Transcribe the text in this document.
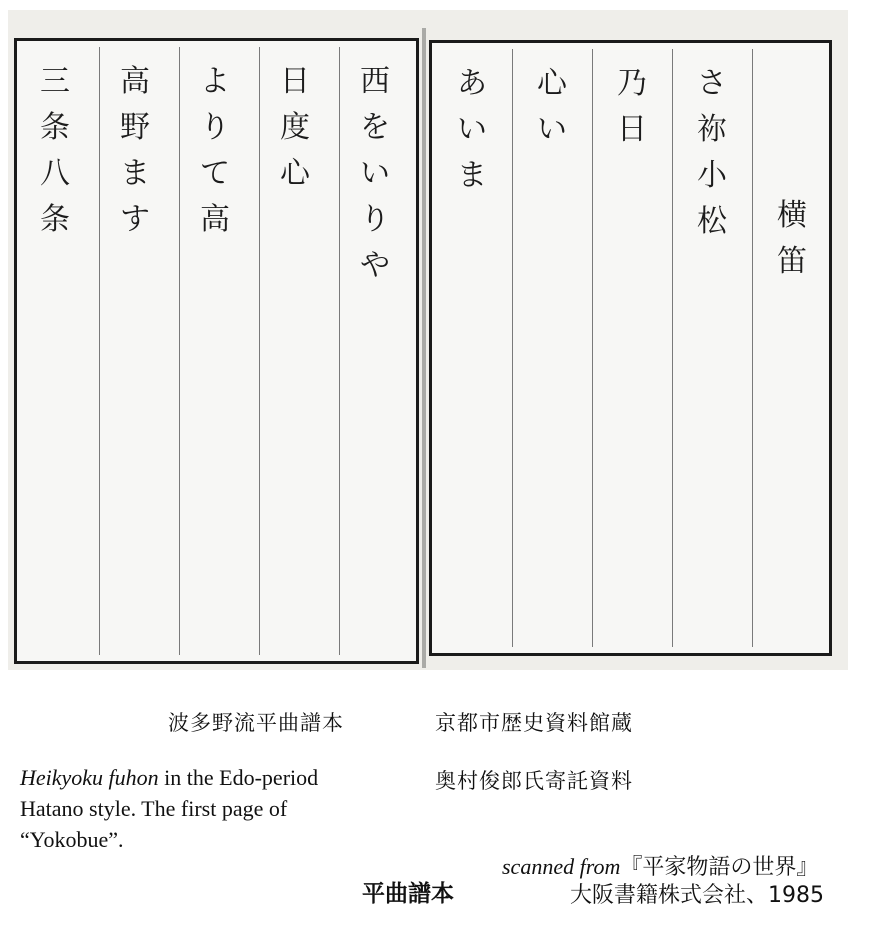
三
条
八
条
高
野
ま
す
よ
り
て
高
日
度
心
西
を
い
り
や
あ
い
ま
心
い
乃
日
さ
祢
小
松 横
笛
波多野流平曲譜本	京都市歴史資料館蔵
奥村俊郎氏寄託資料
Heikyoku fuhon in the Edo-period Hatano style. The first page of “Yokobue”.
平曲譜本
scanned from『平家物語の世界』
大阪書籍株式会社、1985
